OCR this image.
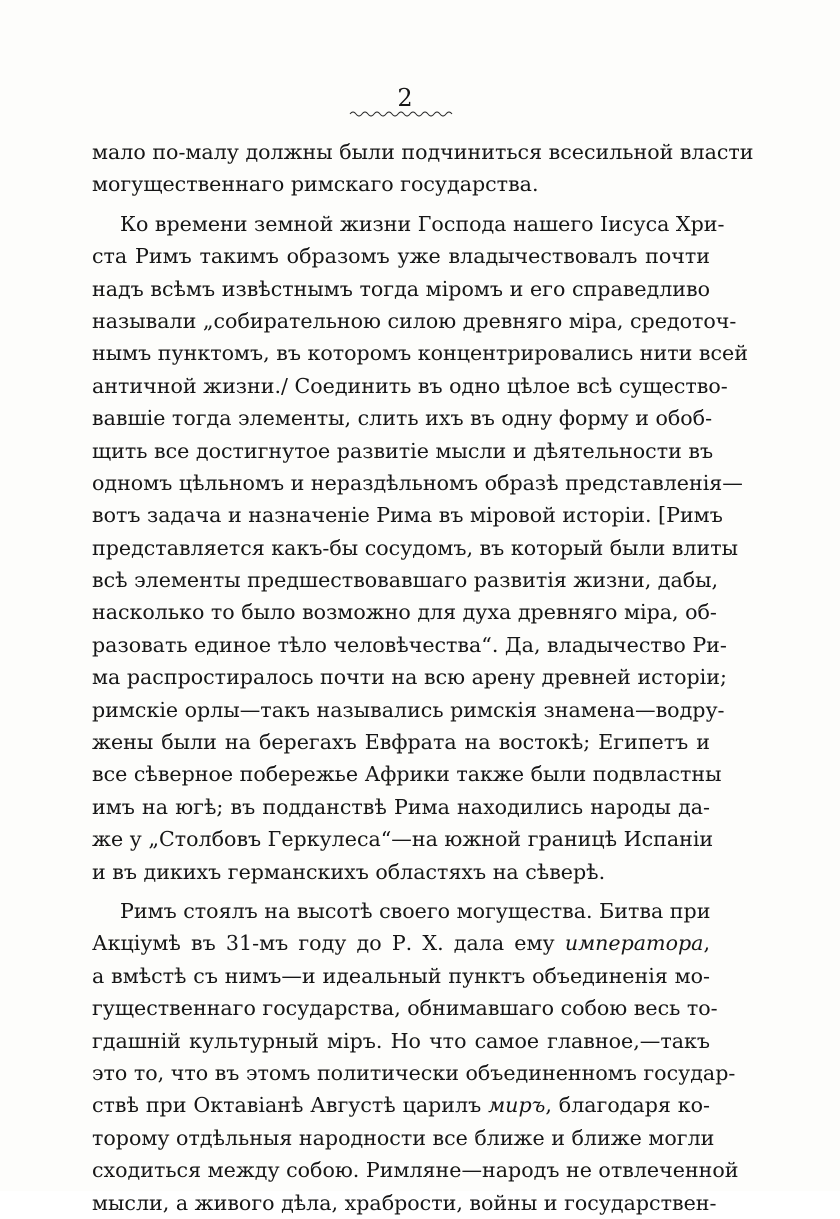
2
мало по-малу должны были подчиниться всесильной власти
могущественнаго римскаго государства.
Ко времени земной жизни Господа нашего Iисуса Хри-
ста Римъ такимъ образомъ уже владычествовалъ почти
надъ всѣмъ извѣстнымъ тогда мiромъ и его справедливо
называли „собирательною силою древняго мiра, средоточ-
нымъ пунктомъ, въ которомъ концентрировались нити всей
античной жизни./ Соединить въ одно цѣлое всѣ существо-
вавшiе тогда элементы, слить ихъ въ одну форму и обоб-
щить все достигнутое развитiе мысли и дѣятельности въ
одномъ цѣльномъ и нераздѣльномъ образѣ представленiя—
вотъ задача и назначенiе Рима въ мiровой исторiи. [Римъ
представляется какъ-бы сосудомъ, въ который были влиты
всѣ элементы предшествовавшаго развитiя жизни, дабы,
насколько то было возможно для духа древняго мiра, об-
разовать единое тѣло человѣчества“. Да, владычество Ри-
ма распростиралось почти на всю арену древней исторiи;
римскiе орлы—такъ назывались римскiя знамена—водру-
жены были на берегахъ Евфрата на востокѣ; Египетъ и
все сѣверное побережье Африки также были подвластны
имъ на югѣ; въ подданствѣ Рима находились народы да-
же у „Столбовъ Геркулеса“—на южной границѣ Испанiи
и въ дикихъ германскихъ областяхъ на сѣверѣ.
Римъ стоялъ на высотѣ своего могущества. Битва при
Акцiумѣ въ 31-мъ году до Р. Х. дала ему императора,
а вмѣстѣ съ нимъ—и идеальный пунктъ объединенiя мо-
гущественнаго государства, обнимавшаго собою весь то-
гдашнiй культурный мiръ. Но что самое главное,—такъ
это то, что въ этомъ политически объединенномъ государ-
ствѣ при Октавiанѣ Августѣ царилъ миръ, благодаря ко-
торому отдѣльныя народности все ближе и ближе могли
сходиться между собою. Римляне—народъ не отвлеченной
мысли, а живого дѣла, храбрости, войны и государствен-
